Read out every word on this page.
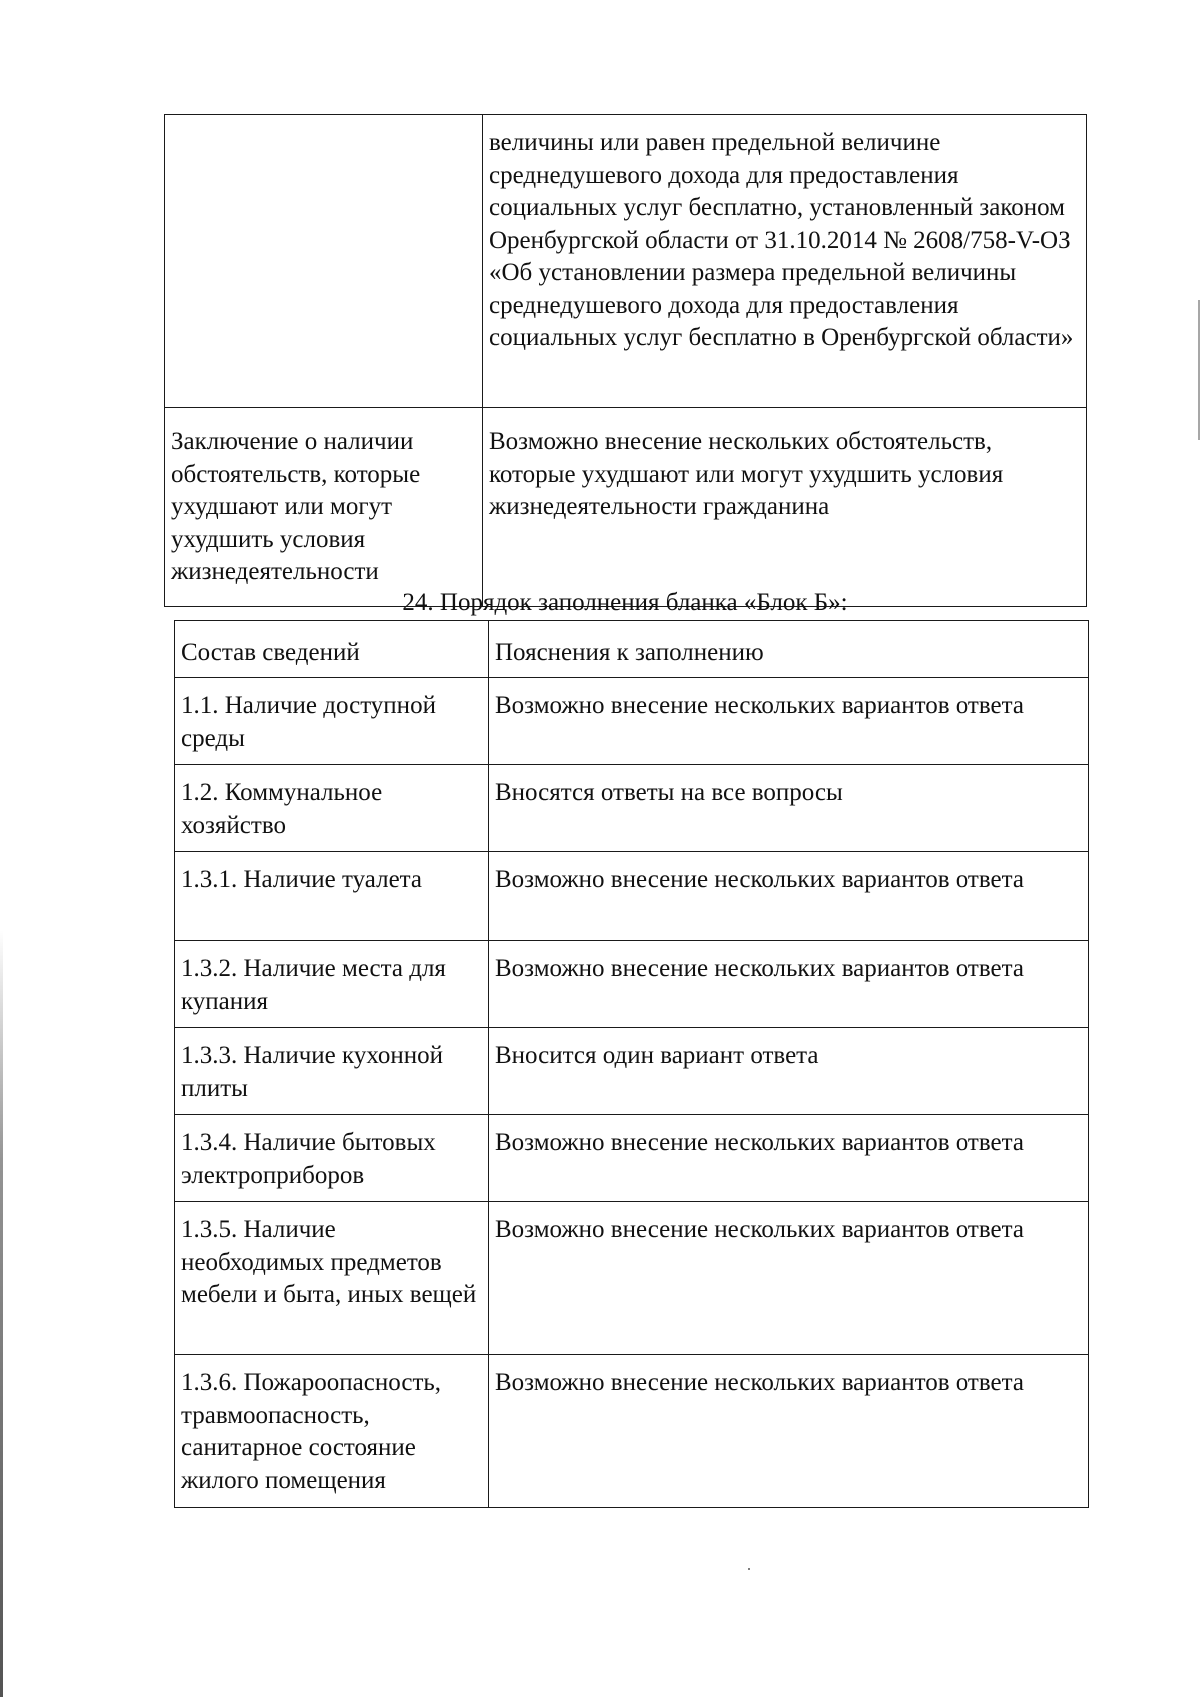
	величины или равен предельной величине среднедушевого дохода для предоставления социальных услуг бесплатно, установленный законом Оренбургской области от 31.10.2014 № 2608/758-V-ОЗ «Об установлении размера предельной величины среднедушевого дохода для предоставления социальных услуг бесплатно в Оренбургской области»
Заключение о наличии обстоятельств, которые ухудшают или могут ухудшить условия жизнедеятельности	Возможно внесение нескольких обстоятельств, которые ухудшают или могут ухудшить условия жизнедеятельности гражданина
24. Порядок заполнения бланка «Блок Б»:
Состав сведений	Пояснения к заполнению
1.1. Наличие доступной среды	Возможно внесение нескольких вариантов ответа
1.2. Коммунальное хозяйство	Вносятся ответы на все вопросы
1.3.1. Наличие туалета	Возможно внесение нескольких вариантов ответа
1.3.2. Наличие места для купания	Возможно внесение нескольких вариантов ответа
1.3.3. Наличие кухонной плиты	Вносится один вариант ответа
1.3.4. Наличие бытовых электроприборов	Возможно внесение нескольких вариантов ответа
1.3.5. Наличие необходимых предметов мебели и быта, иных вещей	Возможно внесение нескольких вариантов ответа
1.3.6. Пожароопасность, травмоопасность, санитарное состояние жилого помещения	Возможно внесение нескольких вариантов ответа
